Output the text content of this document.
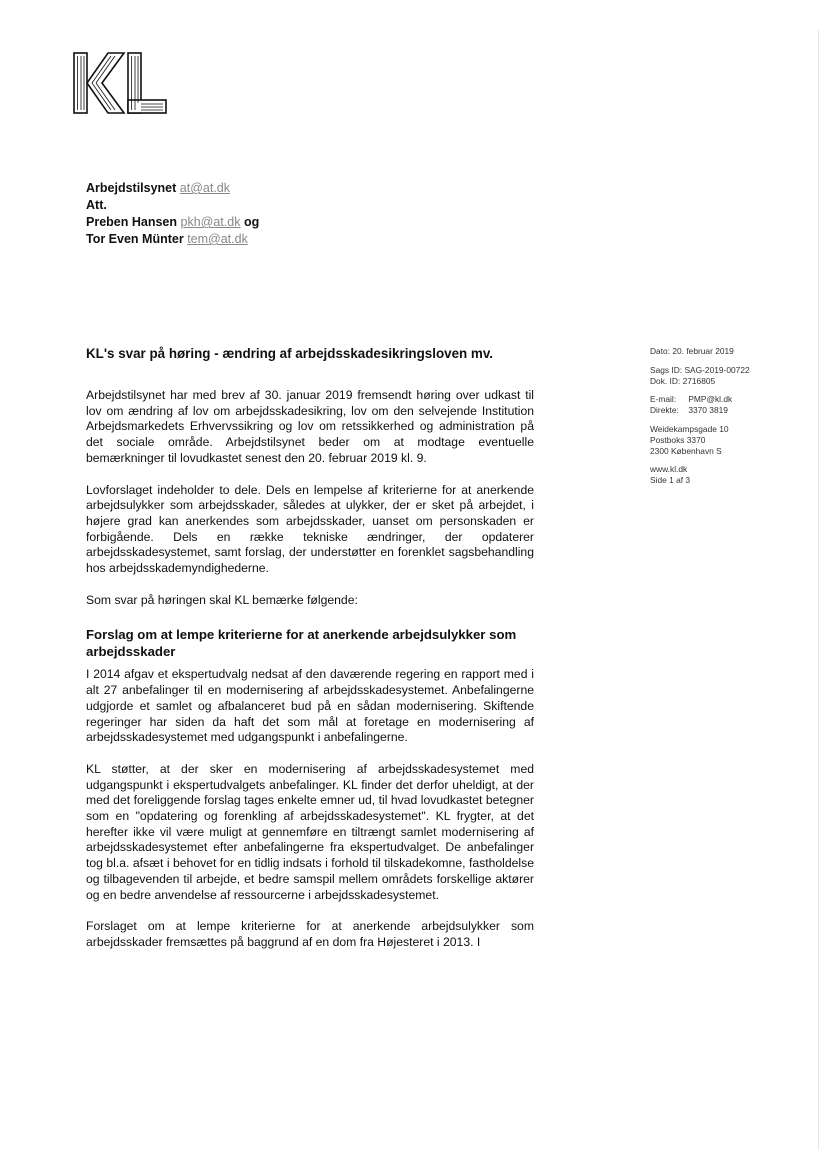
Arbejdstilsynet at@at.dk
Att.
Preben Hansen pkh@at.dk og
Tor Even Münter tem@at.dk
KL's svar på høring - ændring af arbejdsskadesikringsloven mv.	Dato: 20. februar 2019
Sags ID: SAG-2019-00722
Dok. ID: 2716805
E-mail: PMP@kl.dk
Direkte: 3370 3819
Weidekampsgade 10
Postboks 3370
2300 København S
www.kl.dk
Side 1 af 3

Arbejdstilsynet har med brev af 30. januar 2019 fremsendt høring over udkast til lov om ændring af lov om arbejdsskadesikring, lov om den selvejende Institution Arbejdsmarkedets Erhvervssikring og lov om retssikkerhed og administration på det sociale område. Arbejdstilsynet beder om at modtage eventuelle bemærkninger til lovudkastet senest den 20. februar 2019 kl. 9.

Lovforslaget indeholder to dele. Dels en lempelse af kriterierne for at anerkende arbejdsulykker som arbejdsskader, således at ulykker, der er sket på arbejdet, i højere grad kan anerkendes som arbejdsskader, uanset om personskaden er forbigående. Dels en række tekniske ændringer, der opdaterer arbejdsskadesystemet, samt forslag, der understøtter en forenklet sagsbehandling hos arbejdsskademyndighederne.

Som svar på høringen skal KL bemærke følgende:

Forslag om at lempe kriterierne for at anerkende arbejdsulykker som arbejdsskader

I 2014 afgav et ekspertudvalg nedsat af den daværende regering en rapport med i alt 27 anbefalinger til en modernisering af arbejdsskadesystemet. Anbefalingerne udgjorde et samlet og afbalanceret bud på en sådan modernisering. Skiftende regeringer har siden da haft det som mål at foretage en modernisering af arbejdsskadesystemet med udgangspunkt i anbefalingerne.

KL støtter, at der sker en modernisering af arbejdsskadesystemet med udgangspunkt i ekspertudvalgets anbefalinger. KL finder det derfor uheldigt, at der med det foreliggende forslag tages enkelte emner ud, til hvad lovudkastet betegner som en "opdatering og forenkling af arbejdsskadesystemet". KL frygter, at det herefter ikke vil være muligt at gennemføre en tiltrængt samlet modernisering af arbejdsskadesystemet efter anbefalingerne fra ekspertudvalget. De anbefalinger tog bl.a. afsæt i behovet for en tidlig indsats i forhold til tilskadekomne, fastholdelse og tilbagevenden til arbejde, et bedre samspil mellem områdets forskellige aktører og en bedre anvendelse af ressourcerne i arbejdsskadesystemet.

Forslaget om at lempe kriterierne for at anerkende arbejdsulykker som arbejdsskader fremsættes på baggrund af en dom fra Højesteret i 2013. I
